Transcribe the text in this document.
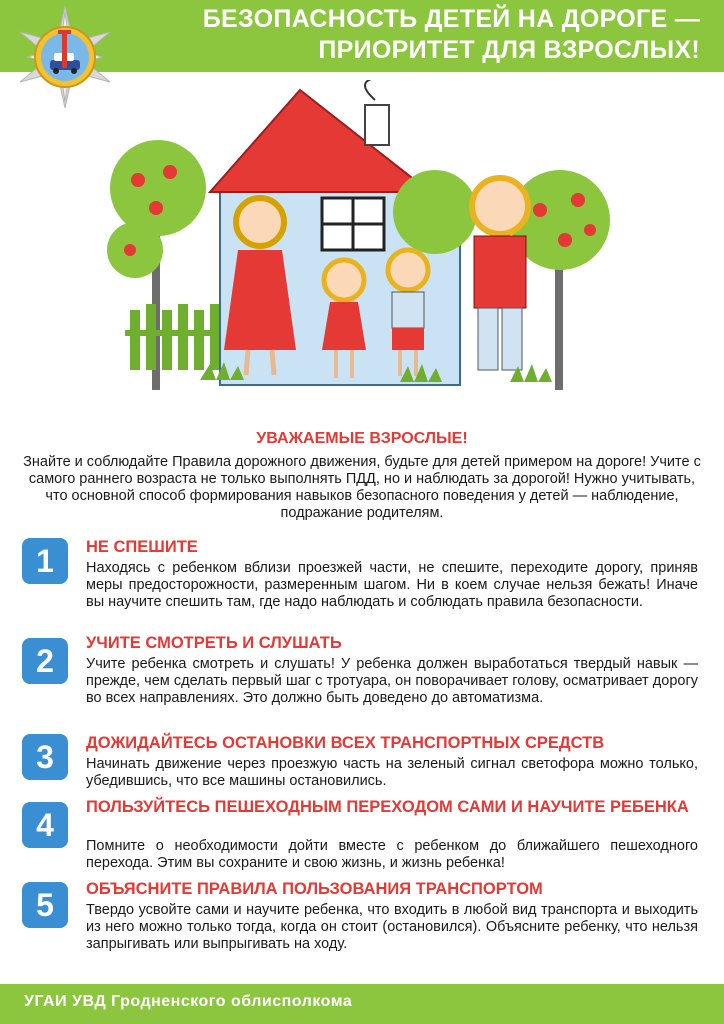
БЕЗОПАСНОСТЬ ДЕТЕЙ НА ДОРОГЕ —
ПРИОРИТЕТ ДЛЯ ВЗРОСЛЫХ!
УВАЖАЕМЫЕ ВЗРОСЛЫЕ!
Знайте и соблюдайте Правила дорожного движения, будьте для детей примером на дороге! Учите с самого раннего возраста не только выполнять ПДД, но и наблюдать за дорогой! Нужно учитывать, что основной способ формирования навыков безопасного поведения у детей — наблюдение, подражание родителям.
1	НЕ СПЕШИТЕ
Находясь с ребенком вблизи проезжей части, не спешите, переходите дорогу, приняв меры предосторожности, размеренным шагом. Ни в коем случае нельзя бежать! Иначе вы научите спешить там, где надо наблюдать и соблюдать правила безопасности.
2	УЧИТЕ СМОТРЕТЬ И СЛУШАТЬ
Учите ребенка смотреть и слушать! У ребенка должен выработаться твердый навык — прежде, чем сделать первый шаг с тротуара, он поворачивает голову, осматривает дорогу во всех направлениях. Это должно быть доведено до автоматизма.
3	ДОЖИДАЙТЕСЬ ОСТАНОВКИ ВСЕХ ТРАНСПОРТНЫХ СРЕДСТВ
Начинать движение через проезжую часть на зеленый сигнал светофора можно только, убедившись, что все машины остановились.
4	ПОЛЬЗУЙТЕСЬ ПЕШЕХОДНЫМ ПЕРЕХОДОМ САМИ И НАУЧИТЕ РЕБЕНКА
Помните о необходимости дойти вместе с ребенком до ближайшего пешеходного перехода. Этим вы сохраните и свою жизнь, и жизнь ребенка!
5	ОБЪЯСНИТЕ ПРАВИЛА ПОЛЬЗОВАНИЯ ТРАНСПОРТОМ
Твердо усвойте сами и научите ребенка, что входить в любой вид транспорта и выходить из него можно только тогда, когда он стоит (остановился). Объясните ребенку, что нельзя запрыгивать или выпрыгивать на ходу.
УГАИ УВД Гродненского облисполкома
